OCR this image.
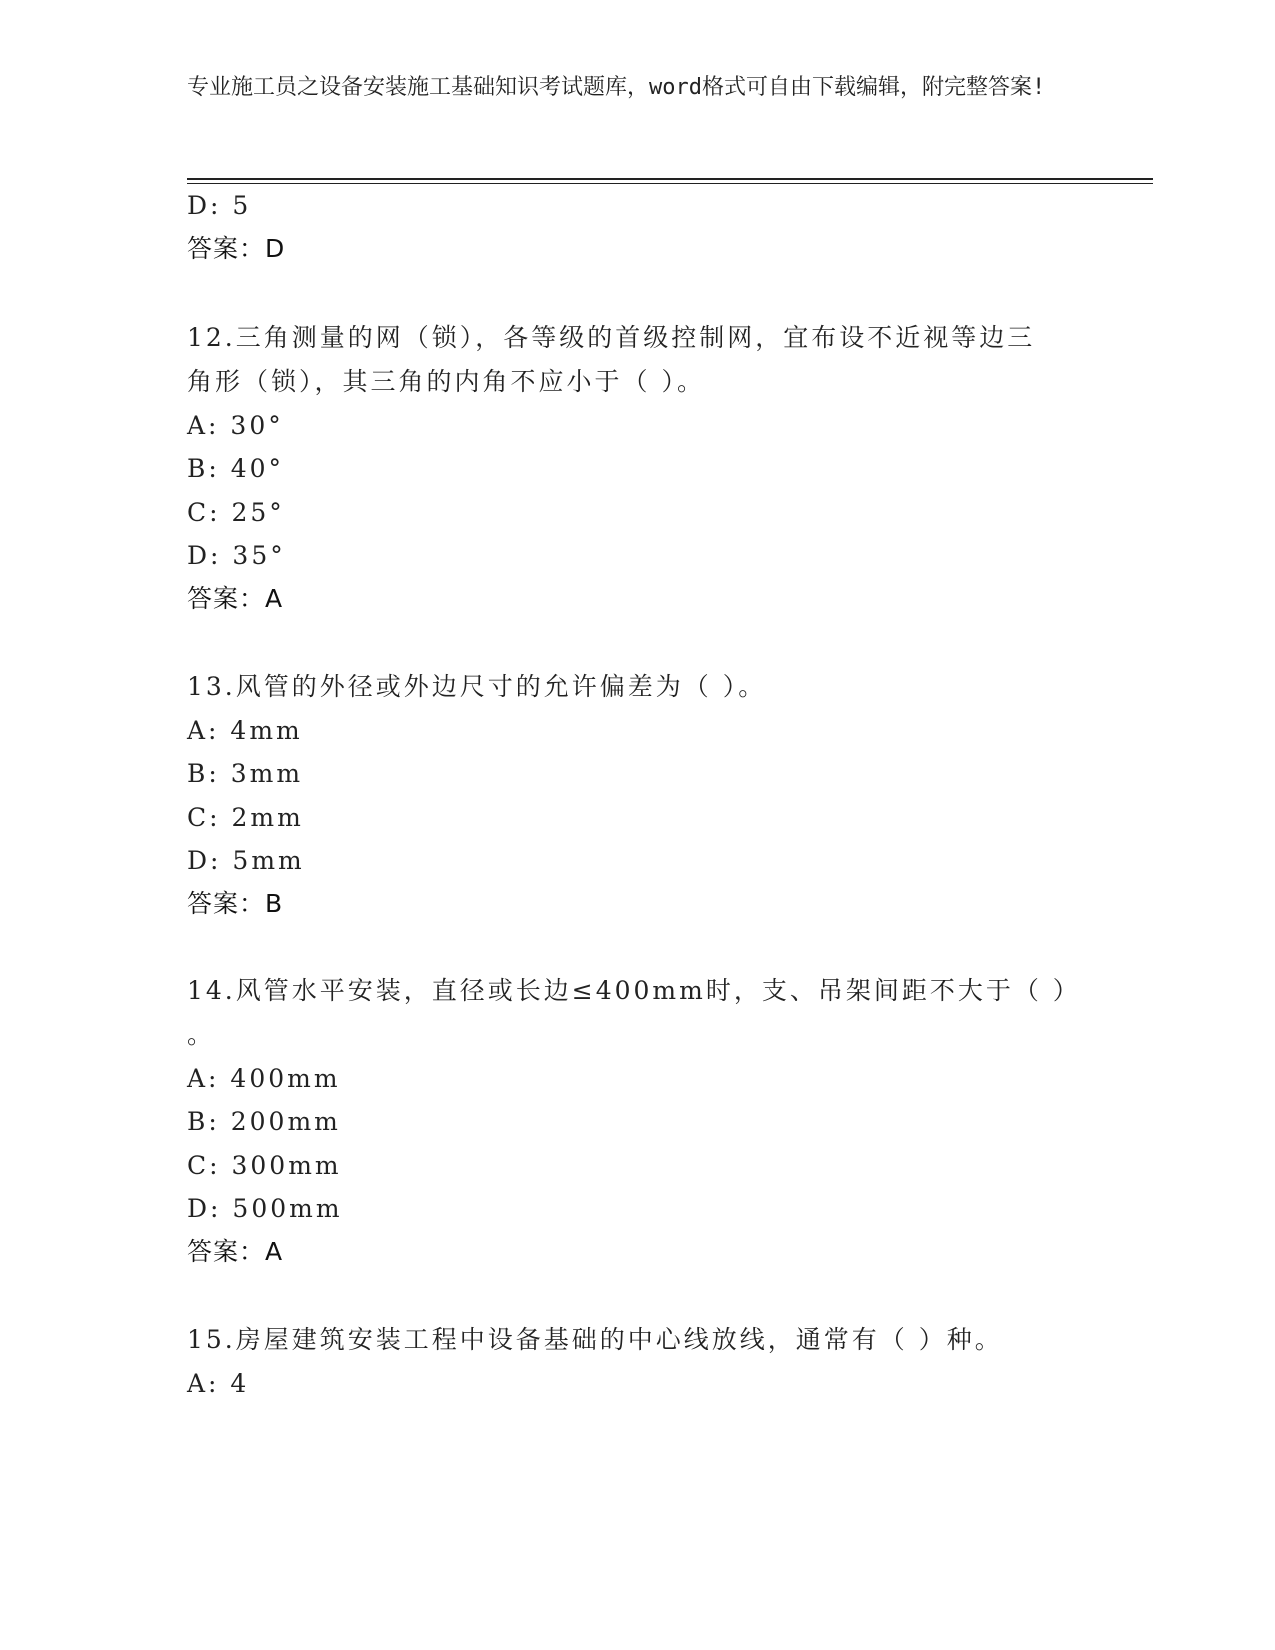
专业施工员之设备安装施工基础知识考试题库，word格式可自由下载编辑，附完整答案!
D: 5
答案：D
12.三角测量的网（锁），各等级的首级控制网，宜布设不近视等边三
角形（锁），其三角的内角不应小于（ ）。
A: 30°
B: 40°
C: 25°
D: 35°
答案：A
13.风管的外径或外边尺寸的允许偏差为（ ）。
A: 4mm
B: 3mm
C: 2mm
D: 5mm
答案：B
14.风管水平安装，直径或长边≤400mm时，支、吊架间距不大于（ ）
。
A: 400mm
B: 200mm
C: 300mm
D: 500mm
答案：A
15.房屋建筑安装工程中设备基础的中心线放线，通常有（ ）种。
A: 4
